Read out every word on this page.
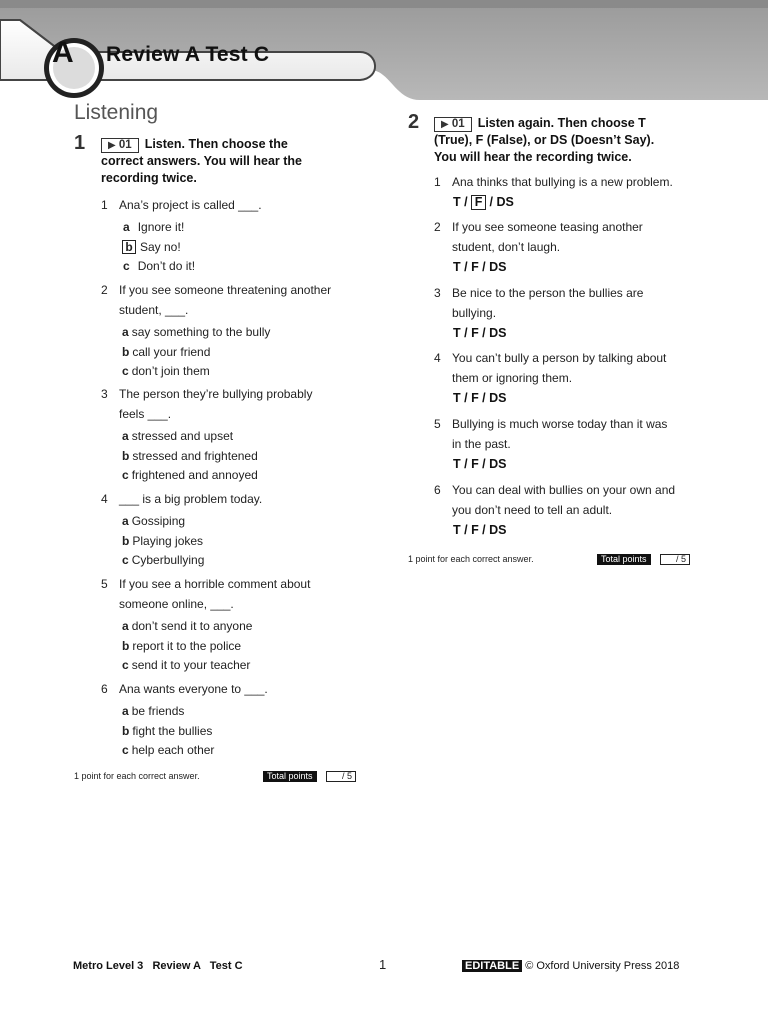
A Review A Test C
Listening
1	▶ 01 Listen. Then choose the
correct answers. You will hear the
recording twice.
1 Ana’s project is called ___.
a Ignore it!
b Say no!
c Don’t do it!
2 If you see someone threatening another
student, ___.
a say something to the bully
b call your friend
c don’t join them
3 The person they’re bullying probably
feels ___.
a stressed and upset
b stressed and frightened
c frightened and annoyed
4 ___ is a big problem today.
a Gossiping
b Playing jokes
c Cyberbullying
5 If you see a horrible comment about
someone online, ___.
a don’t send it to anyone
b report it to the police
c send it to your teacher
6 Ana wants everyone to ___.
a be friends
b fight the bullies
c help each other
1 point for each correct answer.	Total points	/ 5
2	▶ 01 Listen again. Then choose T
(True), F (False), or DS (Doesn’t Say).
You will hear the recording twice.
1 Ana thinks that bullying is a new problem.
T / F / DS
2 If you see someone teasing another
student, don’t laugh.
T / F / DS
3 Be nice to the person the bullies are
bullying.
T / F / DS
4 You can’t bully a person by talking about
them or ignoring them.
T / F / DS
5 Bullying is much worse today than it was
in the past.
T / F / DS
6 You can deal with bullies on your own and
you don’t need to tell an adult.
T / F / DS
1 point for each correct answer.	Total points	/ 5
Metro Level 3   Review A   Test C	1	EDITABLE © Oxford University Press 2018
